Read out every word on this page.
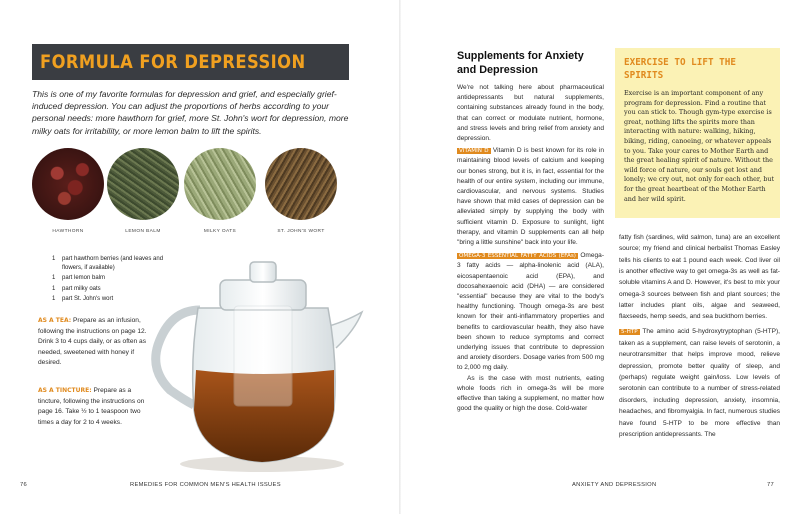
FORMULA FOR DEPRESSION
This is one of my favorite formulas for depression and grief, and especially grief-induced depression. You can adjust the proportions of herbs according to your personal needs: more hawthorn for grief, more St. John's wort for depression, more milky oats for irritability, or more lemon balm to lift the spirits.
HAWTHORN	LEMON BALM	MILKY OATS	ST. JOHN'S WORT
1 part hawthorn berries (and leaves and flowers, if available)
1 part lemon balm
1 part milky oats
1 part St. John's wort
AS A TEA: Prepare as an infusion, following the instructions on page 12. Drink 3 to 4 cups daily, or as often as needed, sweetened with honey if desired.
AS A TINCTURE: Prepare as a tincture, following the instructions on page 16. Take ½ to 1 teaspoon two times a day for 2 to 4 weeks.
76	REMEDIES FOR COMMON MEN'S HEALTH ISSUES
Supplements for Anxiety and Depression

We're not talking here about pharmaceutical antidepressants but natural supplements, containing substances already found in the body, that can correct or modulate nutrient, hormone, and stress levels and bring relief from anxiety and depression.

VITAMIN D Vitamin D is best known for its role in maintaining blood levels of calcium and keeping our bones strong, but it is, in fact, essential for the health of our entire system, including our immune, cardiovascular, and nervous systems. Studies have shown that mild cases of depression can be alleviated simply by supplying the body with sufficient vitamin D. Exposure to sunlight, light therapy, and vitamin D supplements can all help "bring a little sunshine" back into your life.

OMEGA-3 ESSENTIAL FATTY ACIDS (EFAs) Omega-3 fatty acids — alpha-linolenic acid (ALA), eicosapentaenoic acid (EPA), and docosahexaenoic acid (DHA) — are considered "essential" because they are vital to the body's healthy functioning. Though omega-3s are best known for their anti-inflammatory properties and benefits to cardiovascular health, they also have been shown to reduce symptoms and correct underlying issues that contribute to depression and anxiety disorders. Dosage varies from 500 mg to 2,000 mg daily.

As is the case with most nutrients, eating whole foods rich in omega-3s will be more effective than taking a supplement, no matter how good the quality or high the dose. Cold-water

EXERCISE TO LIFT THE SPIRITS
Exercise is an important component of any program for depression. Find a routine that you can stick to. Though gym-type exercise is great, nothing lifts the spirits more than interacting with nature: walking, hiking, biking, riding, canoeing, or whatever appeals to you. Take your cares to Mother Earth and the great healing spirit of nature. Without the wild force of nature, our souls get lost and lonely; we cry out, not only for each other, but for the great heartbeat of the Mother Earth and her wild spirit.

fatty fish (sardines, wild salmon, tuna) are an excellent source; my friend and clinical herbalist Thomas Easley tells his clients to eat 1 pound each week. Cod liver oil is another effective way to get omega-3s as well as fat-soluble vitamins A and D. However, it's best to mix your omega-3 sources between fish and plant sources; the latter includes plant oils, algae and seaweed, flaxseeds, hemp seeds, and sea buckthorn berries.

5-HTP The amino acid 5-hydroxytryptophan (5-HTP), taken as a supplement, can raise levels of serotonin, a neurotransmitter that helps improve mood, relieve depression, promote better quality of sleep, and (perhaps) regulate weight gain/loss. Low levels of serotonin can contribute to a number of stress-related disorders, including depression, anxiety, insomnia, headaches, and fibromyalgia. In fact, numerous studies have found 5-HTP to be more effective than prescription antidepressants. The

ANXIETY AND DEPRESSION	77
